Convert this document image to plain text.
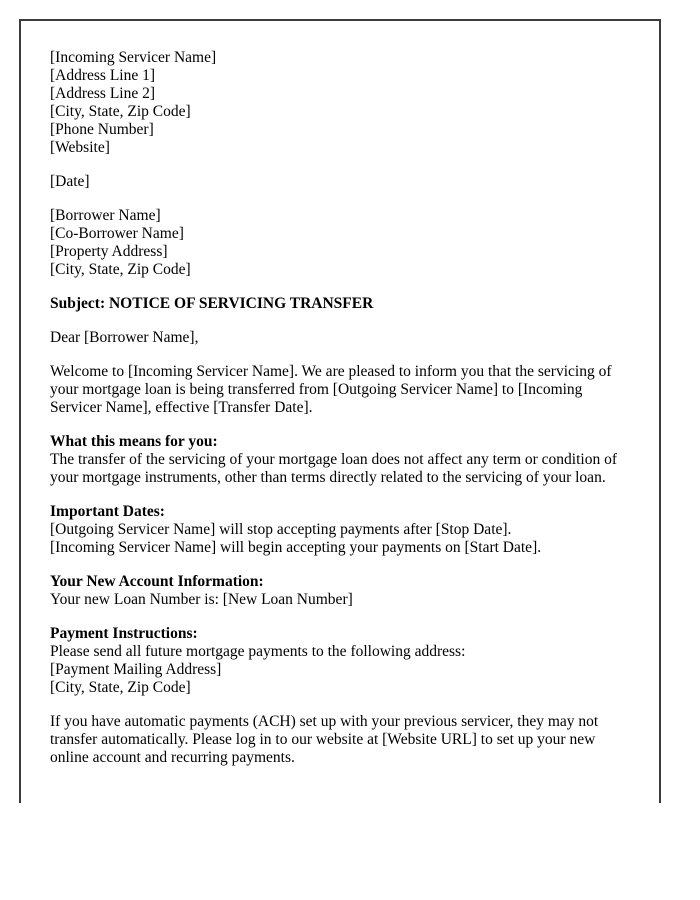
[Incoming Servicer Name]
[Address Line 1]
[Address Line 2]
[City, State, Zip Code]
[Phone Number]
[Website]
[Date]
[Borrower Name]
[Co-Borrower Name]
[Property Address]
[City, State, Zip Code]
Subject: NOTICE OF SERVICING TRANSFER
Dear [Borrower Name],
Welcome to [Incoming Servicer Name]. We are pleased to inform you that the servicing of your mortgage loan is being transferred from [Outgoing Servicer Name] to [Incoming Servicer Name], effective [Transfer Date].
What this means for you:
The transfer of the servicing of your mortgage loan does not affect any term or condition of your mortgage instruments, other than terms directly related to the servicing of your loan.
Important Dates:
[Outgoing Servicer Name] will stop accepting payments after [Stop Date].
[Incoming Servicer Name] will begin accepting your payments on [Start Date].
Your New Account Information:
Your new Loan Number is: [New Loan Number]
Payment Instructions:
Please send all future mortgage payments to the following address:
[Payment Mailing Address]
[City, State, Zip Code]
If you have automatic payments (ACH) set up with your previous servicer, they may not transfer automatically. Please log in to our website at [Website URL] to set up your new online account and recurring payments.
